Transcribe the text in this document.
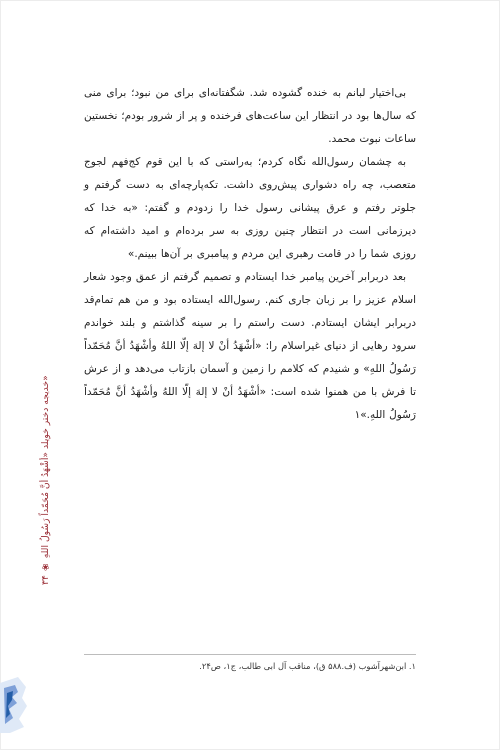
بی‌اختیار لبانم به خنده گشوده شد. شگفتانه‌ای برای من نبود؛ برای منی که سال‌ها بود در انتظار این ساعت‌های فرخنده و پر از شرور بودم؛ نخستین ساعات نبوت محمد.

به چشمان رسول‌الله نگاه کردم؛ به‌راستی که با این قوم کج‌فهم لجوج متعصب، چه راه دشواری پیش‌روی داشت. تکه‌پارچه‌ای به دست گرفتم و جلوتر رفتم و عرق پیشانی رسول خدا را زدودم و گفتم: «به خدا که دیرزمانی است در انتظار چنین روزی به سر برده‌ام و امید داشته‌ام که روزی شما را در قامت رهبری این مردم و پیامبری بر آن‌ها ببینم.»

بعد دربرابر آخرین پیامبر خدا ایستادم و تصمیم گرفتم از عمق وجود شعار اسلام عزیز را بر زبان جاری کنم. رسول‌الله ایستاده بود و من هم تمام‌قد دربرابر ایشان ایستادم. دست راستم را بر سینه گذاشتم و بلند خواندم سرود رهایی از دنیای غیراسلام را: «أشْهَدُ أنْ لا إلهَ إلّا اللهُ وأشْهَدُ أنَّ مُحَمّداً رَسُولُ اللهِ» و شنیدم که کلامم را زمین و آسمان بازتاب می‌دهد و از عرش تا فرش با من همنوا شده است: «أشْهَدُ أنْ لا إلهَ إلّا اللهُ وأشْهَدُ أنَّ مُحَمّداً رَسُولُ اللهِ.»۱

۳۴ ❀ خدیجه دختر خویلد «أشْهَدُ أنَّ مُحَمّداً رَسُولُ اللهِ»
۱. ابن‌شهرآشوب (ف.۵۸۸ ق)، مناقب آل ابی طالب، ج۱، ص۲۴.
